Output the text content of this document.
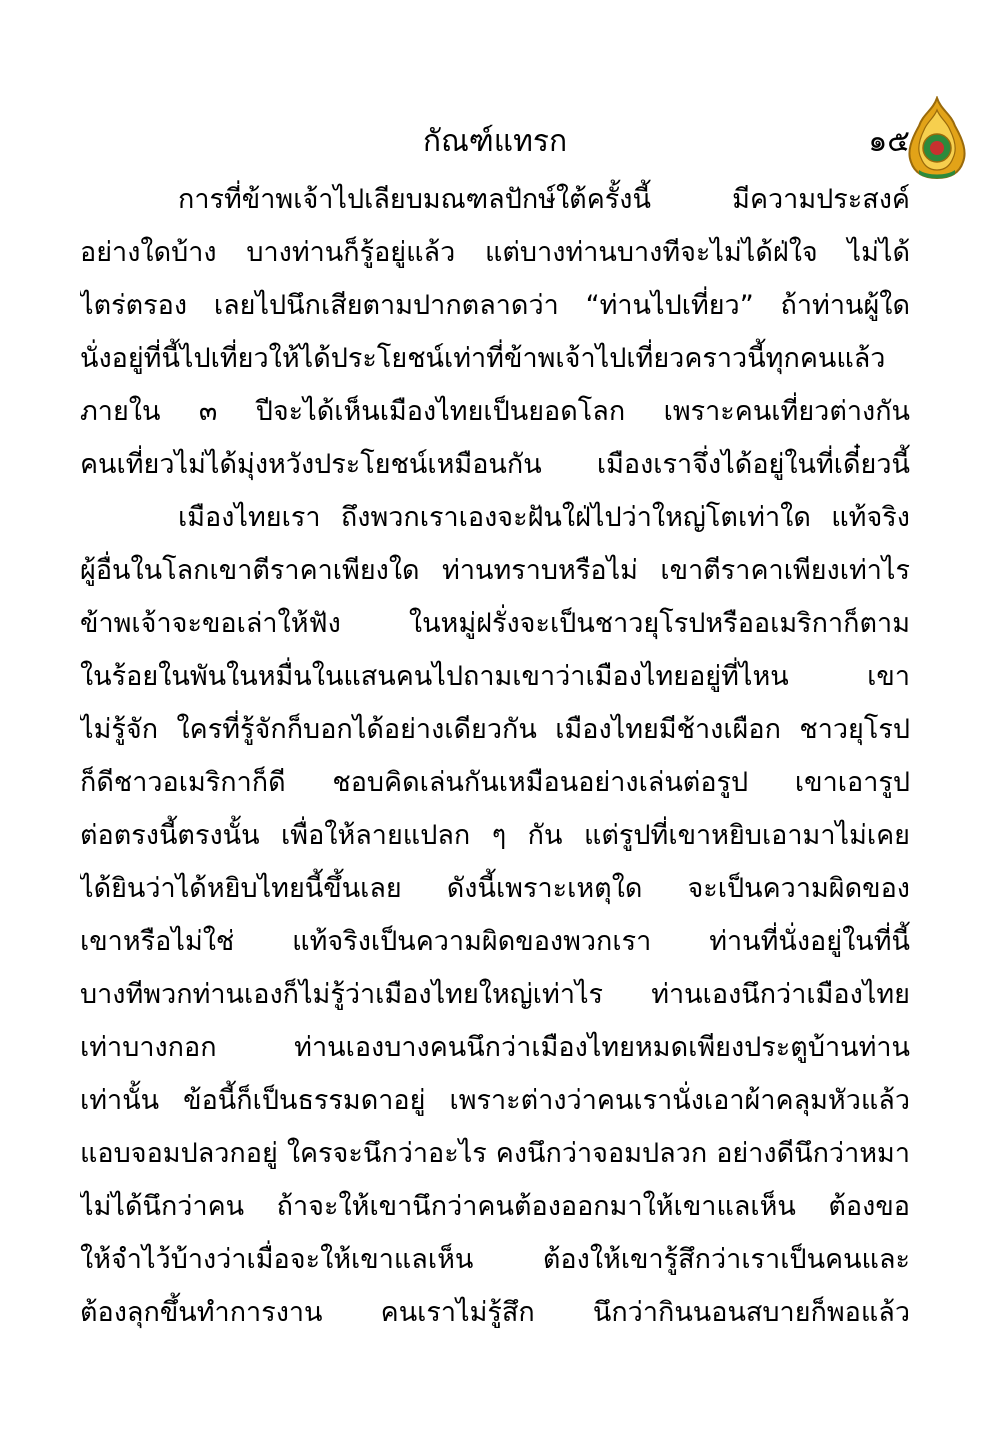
กัณฑ์แทรก	๑๕
การที่ข้าพเจ้าไปเลียบมณฑลปักษ์ใต้ครั้งนี้ มีความประสงค์
อย่างใดบ้าง บางท่านก็รู้อยู่แล้ว แต่บางท่านบางทีจะไม่ได้ฝ่ใจ ไม่ได้
ไตร่ตรอง เลยไปนึกเสียตามปากตลาดว่า “ท่านไปเที่ยว” ถ้าท่านผู้ใด
นั่งอยู่ที่นี้ไปเที่ยวให้ได้ประโยชน์เท่าที่ข้าพเจ้าไปเที่ยวคราวนี้ทุกคนแล้ว
ภายใน ๓ ปีจะได้เห็นเมืองไทยเป็นยอดโลก เพราะคนเที่ยวต่างกัน
คนเที่ยวไม่ได้มุ่งหวังประโยชน์เหมือนกัน เมืองเราจึ่งได้อยู่ในที่เดี๋ยวนี้
เมืองไทยเรา ถึงพวกเราเองจะฝันใฝ่ไปว่าใหญ่โตเท่าใด แท้จริง
ผู้อื่นในโลกเขาตีราคาเพียงใด ท่านทราบหรือไม่ เขาตีราคาเพียงเท่าไร
ข้าพเจ้าจะขอเล่าให้ฟัง ในหมู่ฝรั่งจะเป็นชาวยุโรปหรืออเมริกาก็ตาม
ในร้อยในพันในหมื่นในแสนคนไปถามเขาว่าเมืองไทยอยู่ที่ไหน เขา
ไม่รู้จัก ใครที่รู้จักก็บอกได้อย่างเดียวกัน เมืองไทยมีช้างเผือก ชาวยุโรป
ก็ดีชาวอเมริกาก็ดี ชอบคิดเล่นกันเหมือนอย่างเล่นต่อรูป เขาเอารูป
ต่อตรงนี้ตรงนั้น เพื่อให้ลายแปลก ๆ กัน แต่รูปที่เขาหยิบเอามาไม่เคย
ได้ยินว่าได้หยิบไทยนี้ขึ้นเลย ดังนี้เพราะเหตุใด จะเป็นความผิดของ
เขาหรือไม่ใช่ แท้จริงเป็นความผิดของพวกเรา ท่านที่นั่งอยู่ในที่นี้
บางทีพวกท่านเองก็ไม่รู้ว่าเมืองไทยใหญ่เท่าไร ท่านเองนึกว่าเมืองไทย
เท่าบางกอก ท่านเองบางคนนึกว่าเมืองไทยหมดเพียงประตูบ้านท่าน
เท่านั้น ข้อนี้ก็เป็นธรรมดาอยู่ เพราะต่างว่าคนเรานั่งเอาผ้าคลุมหัวแล้ว
แอบจอมปลวกอยู่ ใครจะนึกว่าอะไร คงนึกว่าจอมปลวก อย่างดีนึกว่าหมา
ไม่ได้นึกว่าคน ถ้าจะให้เขานึกว่าคนต้องออกมาให้เขาแลเห็น ต้องขอ
ให้จำไว้บ้างว่าเมื่อจะให้เขาแลเห็น ต้องให้เขารู้สึกว่าเราเป็นคนและ
ต้องลุกขึ้นทำการงาน คนเราไม่รู้สึก นึกว่ากินนอนสบายก็พอแล้ว
